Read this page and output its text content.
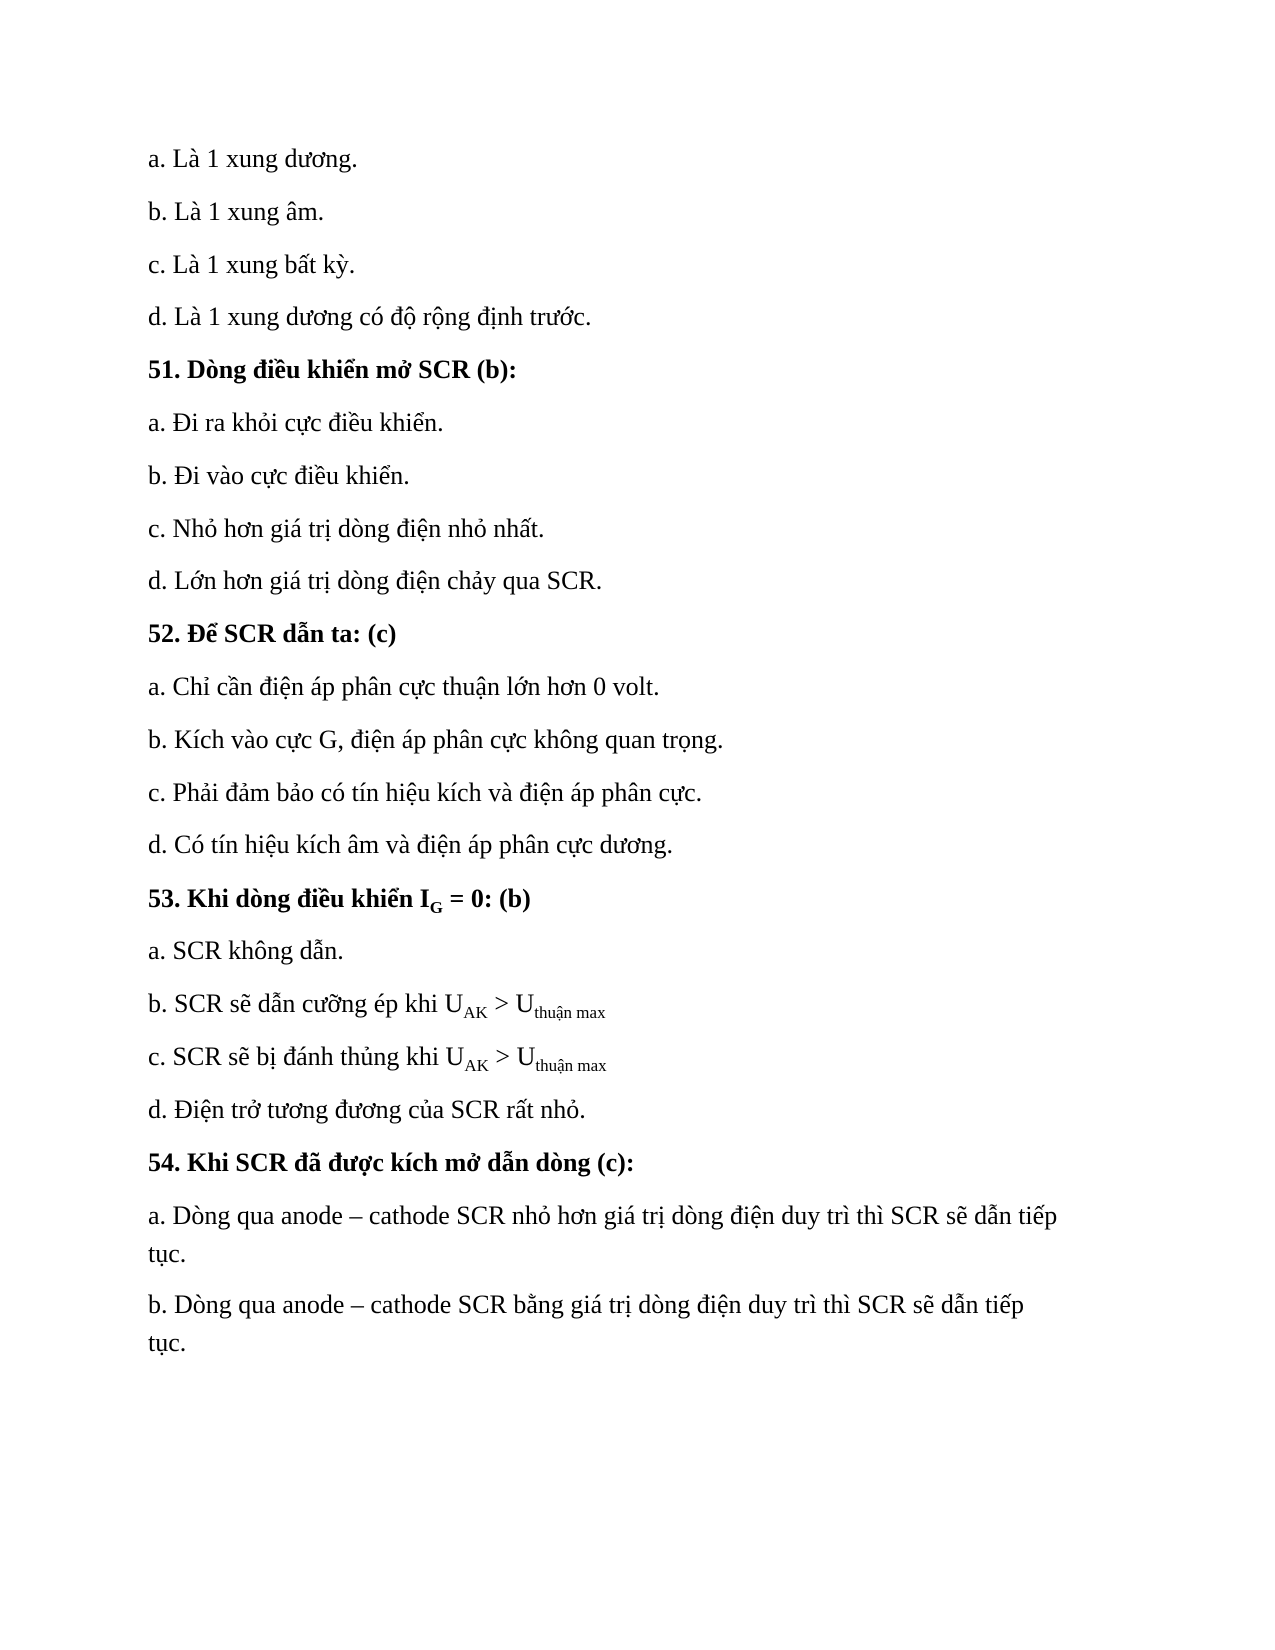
a. Là 1 xung dương.
b. Là 1 xung âm.
c. Là 1 xung bất kỳ.
d. Là 1 xung dương có độ rộng định trước.
51. Dòng điều khiển mở SCR (b):
a. Đi ra khỏi cực điều khiển.
b. Đi vào cực điều khiển.
c. Nhỏ hơn giá trị dòng điện nhỏ nhất.
d. Lớn hơn giá trị dòng điện chảy qua SCR.
52. Để SCR dẫn ta: (c)
a. Chỉ cần điện áp phân cực thuận lớn hơn 0 volt.
b. Kích vào cực G, điện áp phân cực không quan trọng.
c. Phải đảm bảo có tín hiệu kích và điện áp phân cực.
d. Có tín hiệu kích âm và điện áp phân cực dương.
53. Khi dòng điều khiển $I_G = 0$: (b)
a. SCR không dẫn.
b. SCR sẽ dẫn cưỡng ép khi $U_{AK} > U_{thuận max}$
c. SCR sẽ bị đánh thủng khi $U_{AK} > U_{thuận max}$
d. Điện trở tương đương của SCR rất nhỏ.
54. Khi SCR đã được kích mở dẫn dòng (c):
a. Dòng qua anode – cathode SCR nhỏ hơn giá trị dòng điện duy trì thì SCR sẽ dẫn tiếp tục.
b. Dòng qua anode – cathode SCR bằng giá trị dòng điện duy trì thì SCR sẽ dẫn tiếp tục.
